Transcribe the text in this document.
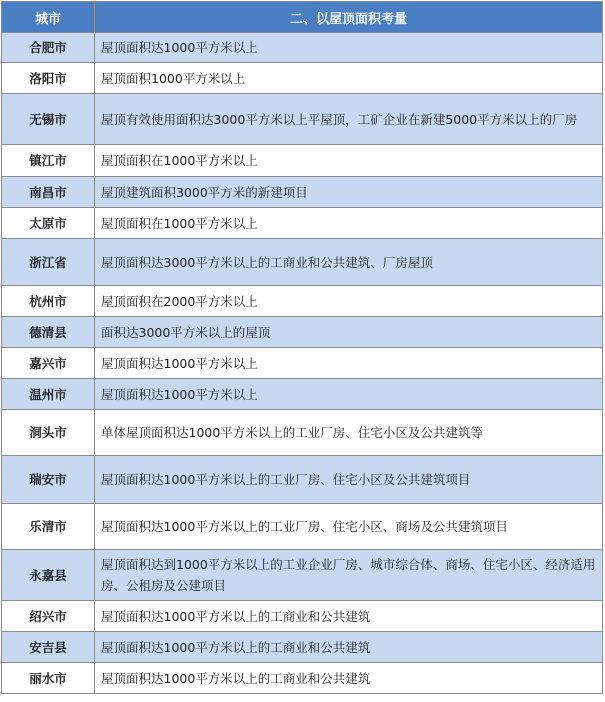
城市	二、以屋顶面积考量
合肥市	屋顶面积达1000平方米以上
洛阳市	屋顶面积1000平方米以上
无锡市	屋顶有效使用面积达3000平方米以上平屋顶，工矿企业在新建5000平方米以上的厂房
镇江市	屋顶面积在1000平方米以上
南昌市	屋顶建筑面积3000平方米的新建项目
太原市	屋顶面积在1000平方米以上
浙江省	屋顶面积达3000平方米以上的工商业和公共建筑、厂房屋顶
杭州市	屋顶面积在2000平方米以上
德清县	面积达3000平方米以上的屋顶
嘉兴市	屋顶面积达1000平方米以上
温州市	屋顶面积达1000平方米以上
洞头市	单体屋顶面积达1000平方米以上的工业厂房、住宅小区及公共建筑等
瑞安市	屋顶面积达1000平方米以上的工业厂房、住宅小区及公共建筑项目
乐清市	屋顶面积达1000平方米以上的工业厂房、住宅小区、商场及公共建筑项目
永嘉县	屋顶面积达到1000平方米以上的工业企业厂房、城市综合体、商场、住宅小区、经济适用房、公租房及公建项目
绍兴市	屋顶面积达1000平方米以上的工商业和公共建筑
安吉县	屋顶面积达1000平方米以上的工商业和公共建筑
丽水市	屋顶面积达1000平方米以上的工商业和公共建筑
